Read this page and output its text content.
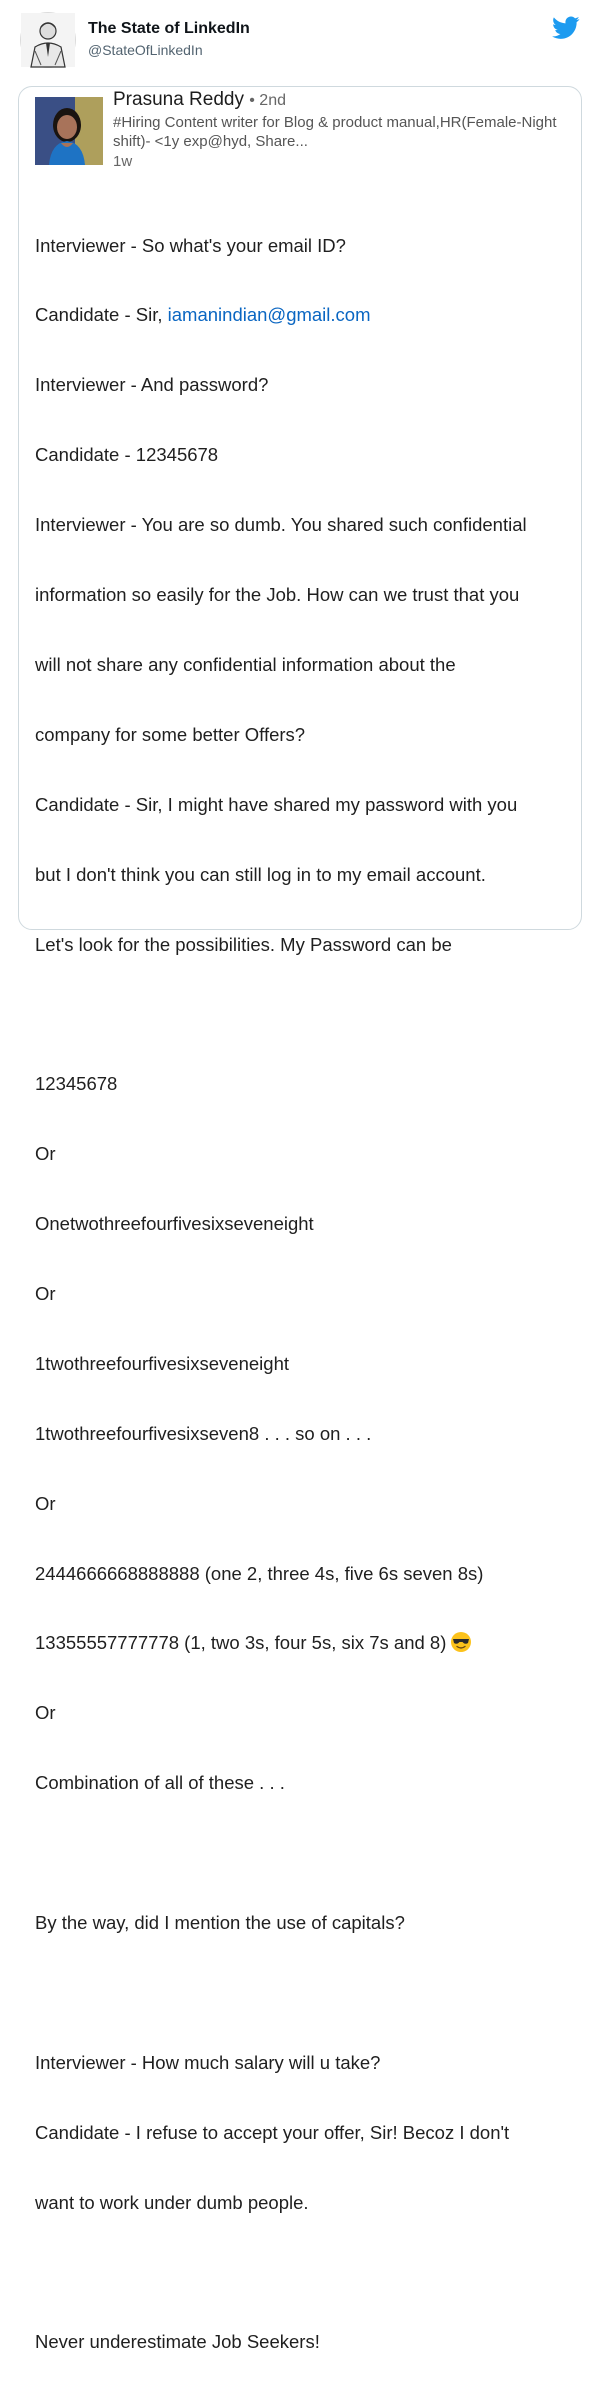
The State of LinkedIn
@StateOfLinkedIn
Prasuna Reddy • 2nd
#Hiring Content writer for Blog & product manual,HR(Female-Night shift)- <1y exp@hyd, Share...
1w

Interviewer - So what's your email ID?

Candidate - Sir, iamanindian@gmail.com

Interviewer - And password?

Candidate - 12345678

Interviewer - You are so dumb. You shared such confidential

information so easily for the Job. How can we trust that you

will not share any confidential information about the

company for some better Offers?

Candidate - Sir, I might have shared my password with you

but I don't think you can still log in to my email account.

Let's look for the possibilities. My Password can be

12345678

Or

Onetwothreefourfivesixseveneight

Or

1twothreefourfivesixseveneight

1twothreefourfivesixseven8 . . . so on . . .

Or

2444666668888888 (one 2, three 4s, five 6s seven 8s)

13355557777778 (1, two 3s, four 5s, six 7s and 8)

Or

Combination of all of these . . .

By the way, did I mention the use of capitals?

Interviewer - How much salary will u take?

Candidate - I refuse to accept your offer, Sir! Becoz I don't

want to work under dumb people.

Never underestimate Job Seekers!
